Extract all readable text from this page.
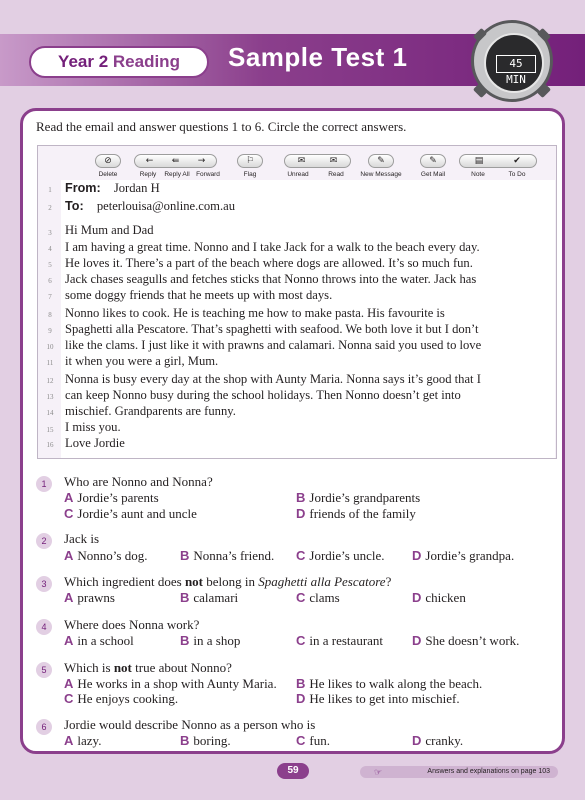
Year 2 Reading	Sample Test 1	45 MIN
Read the email and answer questions 1 to 6. Circle the correct answers.
⊘	← ⇚ →	⚐	✉	✉	✎	✎	▤	✔
Delete	Reply	Reply All Forward	Flag	Unread	Read	New Message	Get Mail	Note	To Do
1
2
3
4
5
6
7
8
9
10
11
12
13
14
15
16
From: Jordan H
To: peterlouisa@online.com.au
Hi Mum and Dad
I am having a great time. Nonno and I take Jack for a walk to the beach every day.
He loves it. There’s a part of the beach where dogs are allowed. It’s so much fun.
Jack chases seagulls and fetches sticks that Nonno throws into the water. Jack has
some doggy friends that he meets up with most days.
Nonno likes to cook. He is teaching me how to make pasta. His favourite is
Spaghetti alla Pescatore. That’s spaghetti with seafood. We both love it but I don’t
like the clams. I just like it with prawns and calamari. Nonna said you used to love
it when you were a girl, Mum.
Nonna is busy every day at the shop with Aunty Maria. Nonna says it’s good that I
can keep Nonno busy during the school holidays. Then Nonno doesn’t get into
mischief. Grandparents are funny.
I miss you.
Love Jordie
1	Who are Nonno and Nonna?
A Jordie’s parents	B Jordie’s grandparents
C Jordie’s aunt and uncle	D friends of the family
2	Jack is
A Nonno’s dog.	B Nonna’s friend. C Jordie’s uncle. D Jordie’s grandpa.
3	Which ingredient does not belong in Spaghetti alla Pescatore?
A prawns	B calamari	C clams	D chicken
4	Where does Nonna work?
A in a school	B in a shop	C in a restaurant D She doesn’t work.
5	Which is not true about Nonno?
A He works in a shop with Aunty Maria. B He likes to walk along the beach.
C He enjoys cooking.	D He likes to get into mischief.
6	Jordie would describe Nonno as a person who is
A lazy.	B boring.	C fun.	D cranky.
59	☞	Answers and explanations on page 103
